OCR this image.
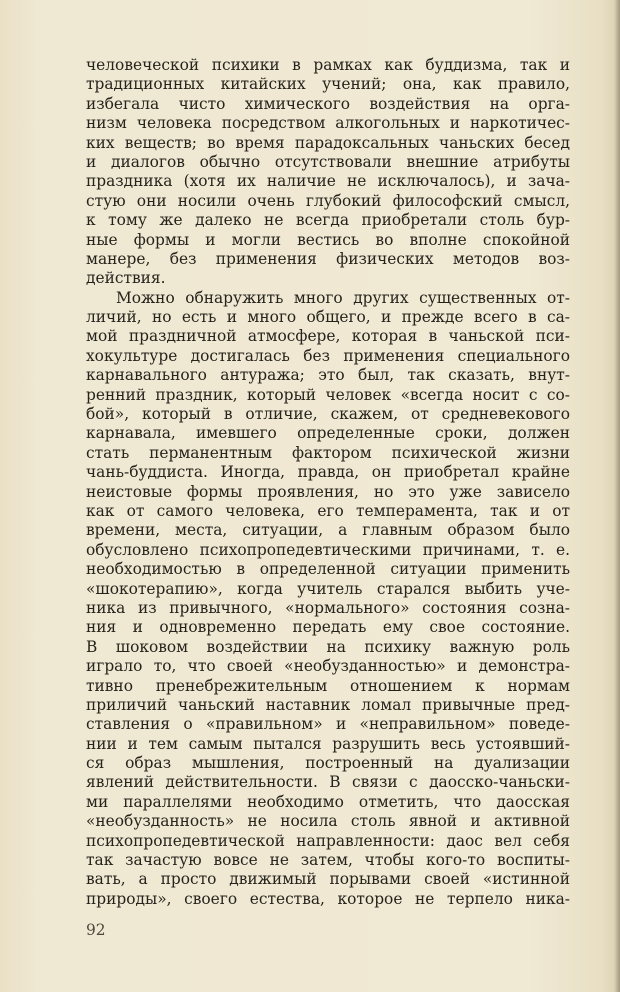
человеческой психики в рамках как буддизма, так и
традиционных китайских учений; она, как правило,
избегала чисто химического воздействия на орга-
низм человека посредством алкогольных и наркотичес-
ких веществ; во время парадоксальных чаньских бесед
и диалогов обычно отсутствовали внешние атрибуты
праздника (хотя их наличие не исключалось), и зача-
стую они носили очень глубокий философский смысл,
к тому же далеко не всегда приобретали столь бур-
ные формы и могли вестись во вполне спокойной
манере, без применения физических методов воз-
действия.
Можно обнаружить много других существенных от-
личий, но есть и много общего, и прежде всего в са-
мой праздничной атмосфере, которая в чаньской пси-
хокультуре достигалась без применения специального
карнавального антуража; это был, так сказать, внут-
ренний праздник, который человек «всегда носит с со-
бой», который в отличие, скажем, от средневекового
карнавала, имевшего определенные сроки, должен
стать перманентным фактором психической жизни
чань-буддиста. Иногда, правда, он приобретал крайне
неистовые формы проявления, но это уже зависело
как от самого человека, его темперамента, так и от
времени, места, ситуации, а главным образом было
обусловлено психопропедевтическими причинами, т. е.
необходимостью в определенной ситуации применить
«шокотерапию», когда учитель старался выбить уче-
ника из привычного, «нормального» состояния созна-
ния и одновременно передать ему свое состояние.
В шоковом воздействии на психику важную роль
играло то, что своей «необузданностью» и демонстра-
тивно пренебрежительным отношением к нормам
приличий чаньский наставник ломал привычные пред-
ставления о «правильном» и «неправильном» поведе-
нии и тем самым пытался разрушить весь устоявший-
ся образ мышления, построенный на дуализации
явлений действительности. В связи с даосско-чаньски-
ми параллелями необходимо отметить, что даосская
«необузданность» не носила столь явной и активной
психопропедевтической направленности: даос вел себя
так зачастую вовсе не затем, чтобы кого-то воспиты-
вать, а просто движимый порывами своей «истинной
природы», своего естества, которое не терпело ника-
92
